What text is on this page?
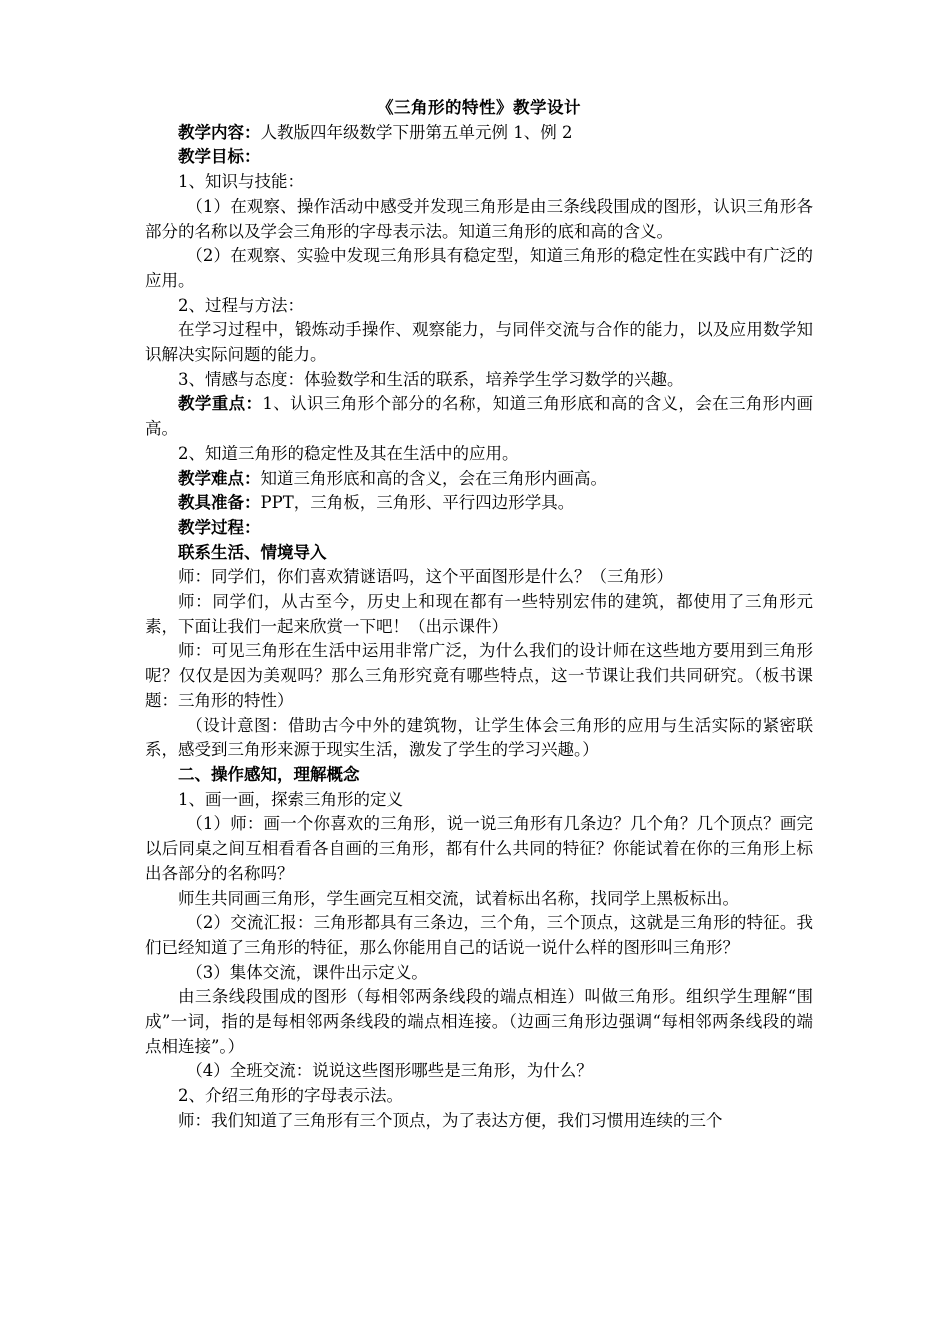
《三角形的特性》教学设计

教学内容：人教版四年级数学下册第五单元例 1、例 2

教学目标：

1、知识与技能：

（1）在观察、操作活动中感受并发现三角形是由三条线段围成的图形，认识三角形各部分的名称以及学会三角形的字母表示法。知道三角形的底和高的含义。

（2）在观察、实验中发现三角形具有稳定型，知道三角形的稳定性在实践中有广泛的应用。

2、过程与方法：

在学习过程中，锻炼动手操作、观察能力，与同伴交流与合作的能力，以及应用数学知识解决实际问题的能力。

3、情感与态度：体验数学和生活的联系，培养学生学习数学的兴趣。

教学重点：1、认识三角形个部分的名称，知道三角形底和高的含义，会在三角形内画高。

2、知道三角形的稳定性及其在生活中的应用。

教学难点：知道三角形底和高的含义，会在三角形内画高。

教具准备：PPT，三角板，三角形、平行四边形学具。

教学过程：

联系生活、情境导入

师：同学们，你们喜欢猜谜语吗，这个平面图形是什么？（三角形）

师：同学们，从古至今，历史上和现在都有一些特别宏伟的建筑，都使用了三角形元素，下面让我们一起来欣赏一下吧！（出示课件）

师：可见三角形在生活中运用非常广泛，为什么我们的设计师在这些地方要用到三角形呢？仅仅是因为美观吗？那么三角形究竟有哪些特点，这一节课让我们共同研究。（板书课题：三角形的特性）

（设计意图：借助古今中外的建筑物，让学生体会三角形的应用与生活实际的紧密联系，感受到三角形来源于现实生活，激发了学生的学习兴趣。）

二、操作感知，理解概念

1、画一画，探索三角形的定义

（1）师：画一个你喜欢的三角形，说一说三角形有几条边？几个角？几个顶点？画完以后同桌之间互相看看各自画的三角形，都有什么共同的特征？你能试着在你的三角形上标出各部分的名称吗？

师生共同画三角形，学生画完互相交流，试着标出名称，找同学上黑板标出。

（2）交流汇报：三角形都具有三条边，三个角，三个顶点，这就是三角形的特征。我们已经知道了三角形的特征，那么你能用自己的话说一说什么样的图形叫三角形？

（3）集体交流，课件出示定义。

由三条线段围成的图形（每相邻两条线段的端点相连）叫做三角形。组织学生理解“围成”一词，指的是每相邻两条线段的端点相连接。（边画三角形边强调“每相邻两条线段的端点相连接”。）

（4）全班交流：说说这些图形哪些是三角形，为什么？

2、介绍三角形的字母表示法。

师：我们知道了三角形有三个顶点，为了表达方便，我们习惯用连续的三个
